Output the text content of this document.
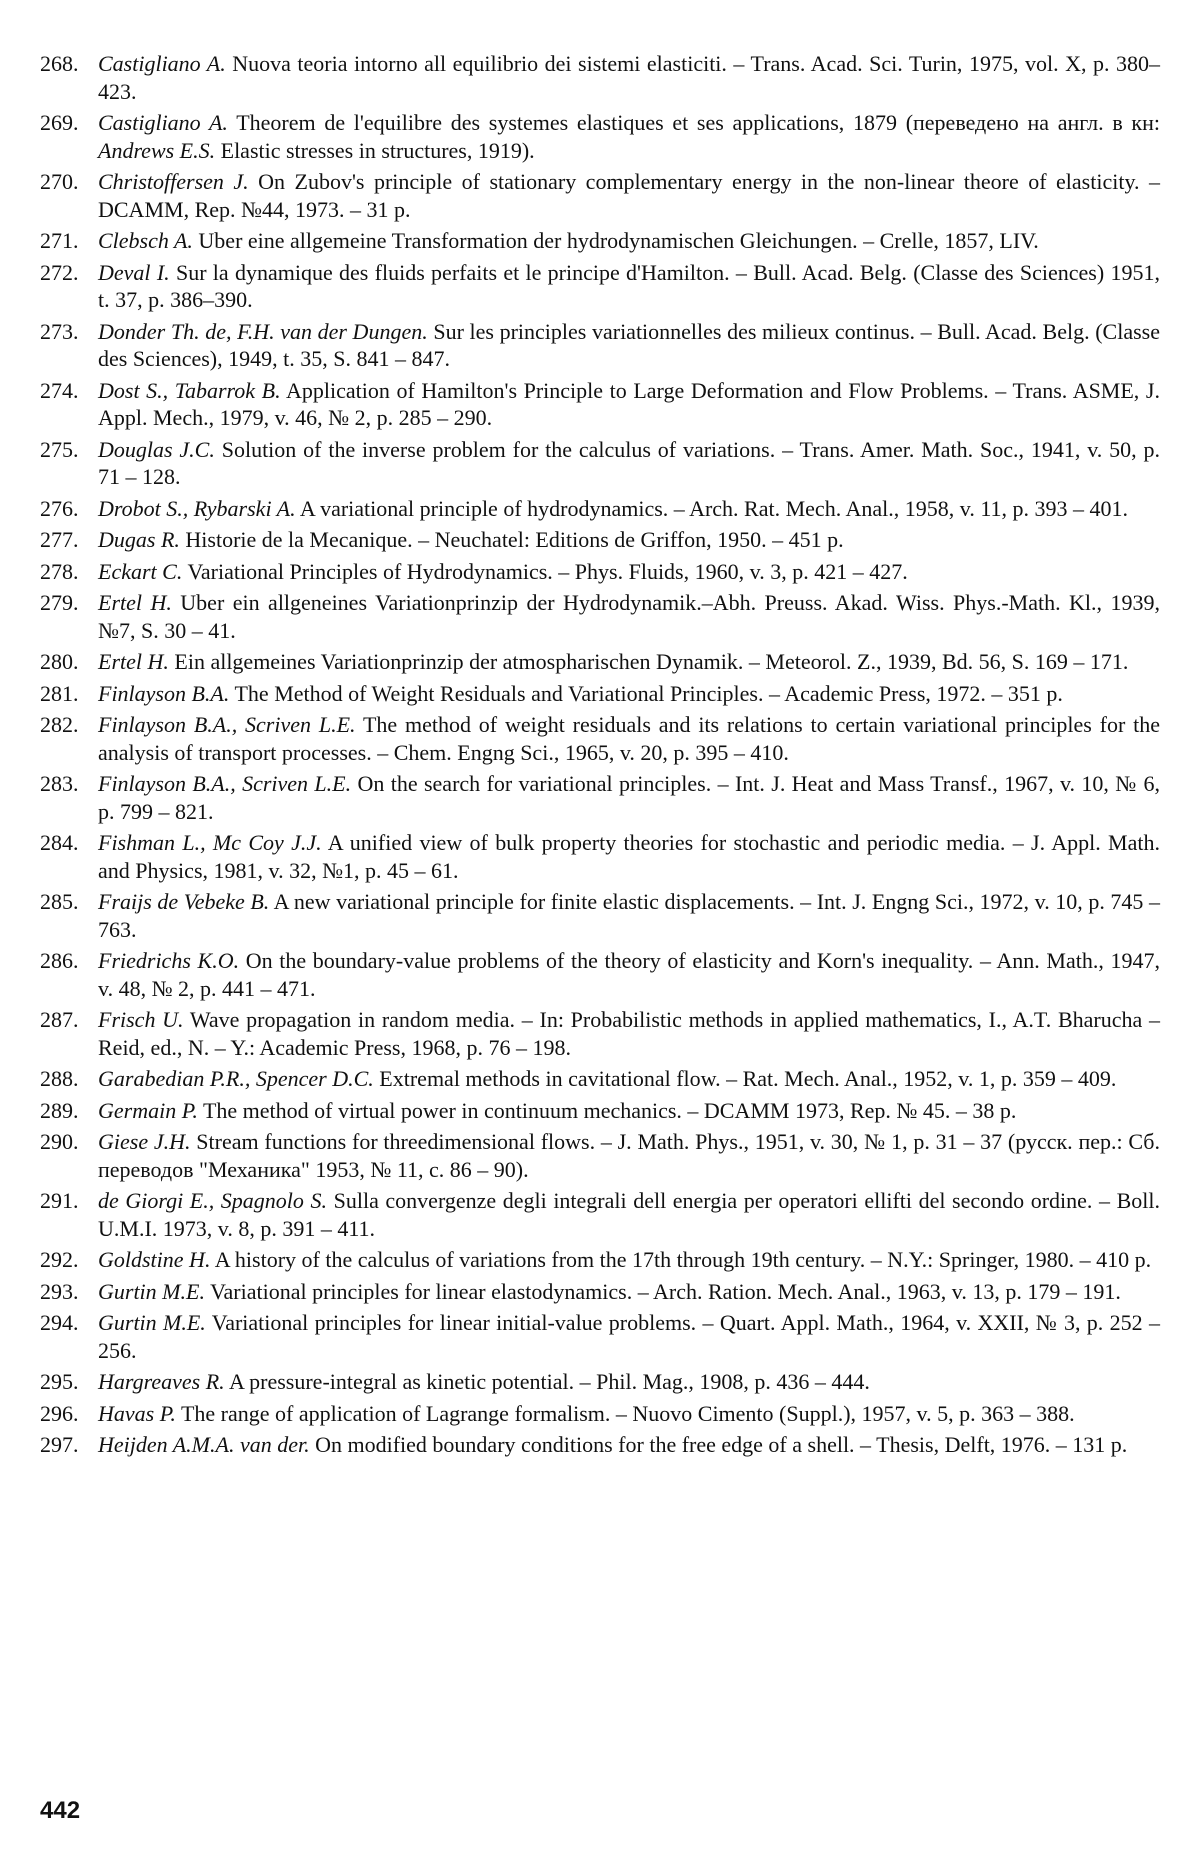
268. Castigliano A. Nuova teoria intorno all equilibrio dei sistemi elasticiti. – Trans. Acad. Sci. Turin, 1975, vol. X, p. 380–423.
269. Castigliano A. Theorem de l'equilibre des systemes elastiques et ses applications, 1879 (переведено на англ. в кн: Andrews E.S. Elastic stresses in structures, 1919).
270. Christoffersen J. On Zubov's principle of stationary complementary energy in the non-linear theore of elasticity. – DCAMM, Rep. №44, 1973. – 31 p.
271. Clebsch A. Uber eine allgemeine Transformation der hydrodynamischen Gleichungen. – Crelle, 1857, LIV.
272. Deval I. Sur la dynamique des fluids perfaits et le principe d'Hamilton. – Bull. Acad. Belg. (Classe des Sciences) 1951, t. 37, p. 386–390.
273. Donder Th. de, F.H. van der Dungen. Sur les principles variationnelles des milieux continus. – Bull. Acad. Belg. (Classe des Sciences), 1949, t. 35, S. 841 – 847.
274. Dost S., Tabarrok B. Application of Hamilton's Principle to Large Deformation and Flow Problems. – Trans. ASME, J. Appl. Mech., 1979, v. 46, № 2, p. 285 – 290.
275. Douglas J.C. Solution of the inverse problem for the calculus of variations. – Trans. Amer. Math. Soc., 1941, v. 50, p. 71 – 128.
276. Drobot S., Rybarski A. A variational principle of hydrodynamics. – Arch. Rat. Mech. Anal., 1958, v. 11, p. 393 – 401.
277. Dugas R. Historie de la Mecanique. – Neuchatel: Editions de Griffon, 1950. – 451 p.
278. Eckart C. Variational Principles of Hydrodynamics. – Phys. Fluids, 1960, v. 3, p. 421 – 427.
279. Ertel H. Uber ein allgeneines Variationprinzip der Hydrodynamik.–Abh. Preuss. Akad. Wiss. Phys.-Math. Kl., 1939, №7, S. 30 – 41.
280. Ertel H. Ein allgemeines Variationprinzip der atmospharischen Dynamik. – Meteorol. Z., 1939, Bd. 56, S. 169 – 171.
281. Finlayson B.A. The Method of Weight Residuals and Variational Principles. – Academic Press, 1972. – 351 p.
282. Finlayson B.A., Scriven L.E. The method of weight residuals and its relations to certain variational principles for the analysis of transport processes. – Chem. Engng Sci., 1965, v. 20, p. 395 – 410.
283. Finlayson B.A., Scriven L.E. On the search for variational principles. – Int. J. Heat and Mass Transf., 1967, v. 10, № 6, p. 799 – 821.
284. Fishman L., Mc Coy J.J. A unified view of bulk property theories for stochastic and periodic media. – J. Appl. Math. and Physics, 1981, v. 32, №1, p. 45 – 61.
285. Fraijs de Vebeke B. A new variational principle for finite elastic displacements. – Int. J. Engng Sci., 1972, v. 10, p. 745 – 763.
286. Friedrichs K.O. On the boundary-value problems of the theory of elasticity and Korn's inequality. – Ann. Math., 1947, v. 48, № 2, p. 441 – 471.
287. Frisch U. Wave propagation in random media. – In: Probabilistic methods in applied mathematics, I., A.T. Bharucha – Reid, ed., N. – Y.: Academic Press, 1968, p. 76 – 198.
288. Garabedian P.R., Spencer D.C. Extremal methods in cavitational flow. – Rat. Mech. Anal., 1952, v. 1, p. 359 – 409.
289. Germain P. The method of virtual power in continuum mechanics. – DCAMM 1973, Rep. № 45. – 38 p.
290. Giese J.H. Stream functions for threedimensional flows. – J. Math. Phys., 1951, v. 30, № 1, p. 31 – 37 (русск. пер.: Сб. переводов "Механика" 1953, № 11, с. 86 – 90).
291. de Giorgi E., Spagnolo S. Sulla convergenze degli integrali dell energia per operatori ellifti del secondo ordine. – Boll. U.M.I. 1973, v. 8, p. 391 – 411.
292. Goldstine H. A history of the calculus of variations from the 17th through 19th century. – N.Y.: Springer, 1980. – 410 p.
293. Gurtin M.E. Variational principles for linear elastodynamics. – Arch. Ration. Mech. Anal., 1963, v. 13, p. 179 – 191.
294. Gurtin M.E. Variational principles for linear initial-value problems. – Quart. Appl. Math., 1964, v. XXII, № 3, p. 252 – 256.
295. Hargreaves R. A pressure-integral as kinetic potential. – Phil. Mag., 1908, p. 436 – 444.
296. Havas P. The range of application of Lagrange formalism. – Nuovo Cimento (Suppl.), 1957, v. 5, p. 363 – 388.
297. Heijden A.M.A. van der. On modified boundary conditions for the free edge of a shell. – Thesis, Delft, 1976. – 131 p.
442
